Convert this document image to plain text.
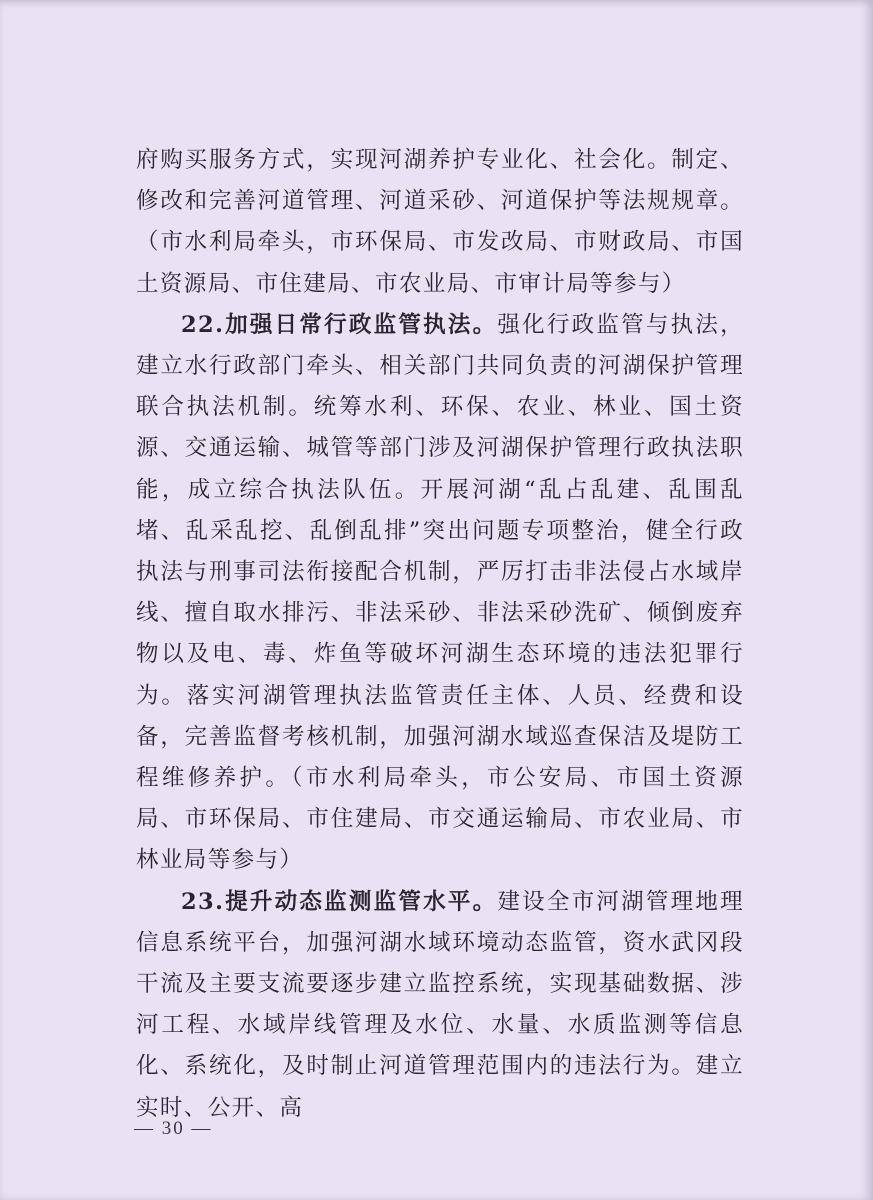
府购买服务方式，实现河湖养护专业化、社会化。制定、修改和完善河道管理、河道采砂、河道保护等法规规章。（市水利局牵头，市环保局、市发改局、市财政局、市国土资源局、市住建局、市农业局、市审计局等参与）

22.加强日常行政监管执法。强化行政监管与执法，建立水行政部门牵头、相关部门共同负责的河湖保护管理联合执法机制。统筹水利、环保、农业、林业、国土资源、交通运输、城管等部门涉及河湖保护管理行政执法职能，成立综合执法队伍。开展河湖“乱占乱建、乱围乱堵、乱采乱挖、乱倒乱排”突出问题专项整治，健全行政执法与刑事司法衔接配合机制，严厉打击非法侵占水域岸线、擅自取水排污、非法采砂、非法采砂洗矿、倾倒废弃物以及电、毒、炸鱼等破坏河湖生态环境的违法犯罪行为。落实河湖管理执法监管责任主体、人员、经费和设备，完善监督考核机制，加强河湖水域巡查保洁及堤防工程维修养护。（市水利局牵头，市公安局、市国土资源局、市环保局、市住建局、市交通运输局、市农业局、市林业局等参与）

23.提升动态监测监管水平。建设全市河湖管理地理信息系统平台，加强河湖水域环境动态监管，资水武冈段干流及主要支流要逐步建立监控系统，实现基础数据、涉河工程、水域岸线管理及水位、水量、水质监测等信息化、系统化，及时制止河道管理范围内的违法行为。建立实时、公开、高

— 30 —
